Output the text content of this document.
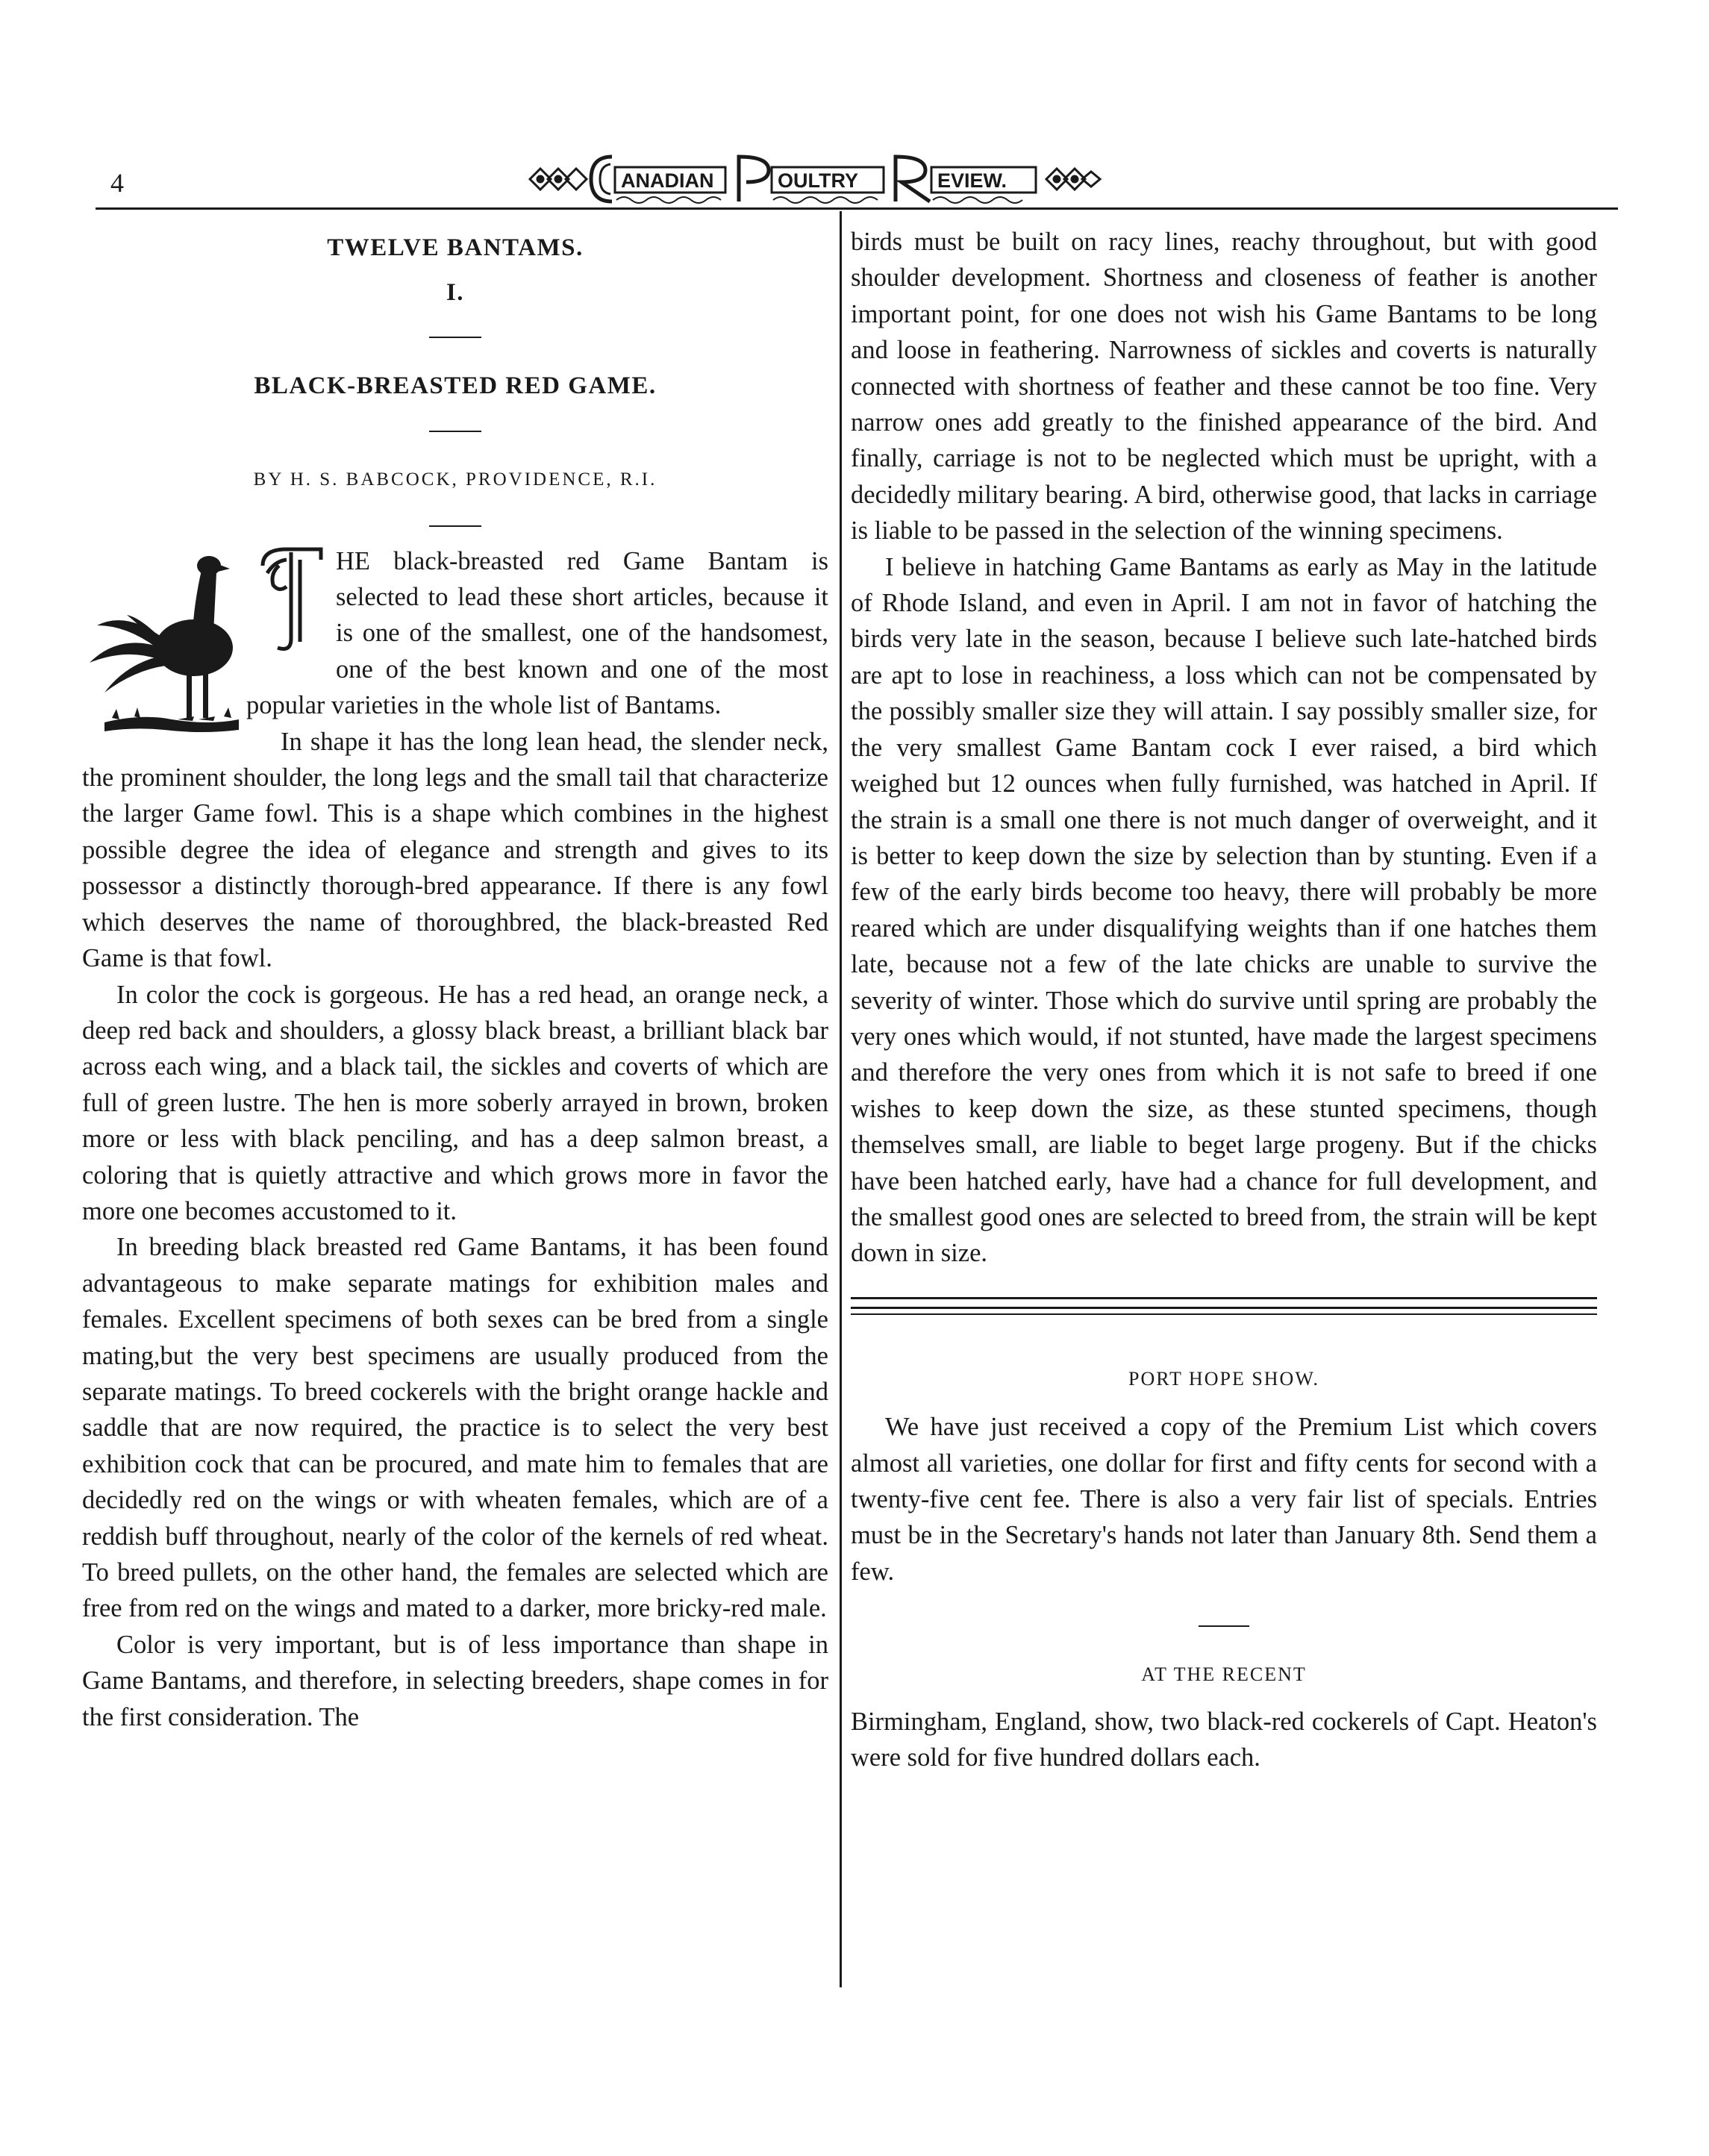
4	ANADIAN	OULTRY	EVIEW.
TWELVE BANTAMS.
I.
BLACK-BREASTED RED GAME.
BY H. S. BABCOCK, PROVIDENCE, R.I.

HE black-breasted red Game Bantam is selected to lead these short articles, because it is one of the smallest, one of the handsomest, one of the best known and one of the most popular varieties in the whole list of Bantams.

In shape it has the long lean head, the slender neck, the prominent shoulder, the long legs and the small tail that characterize the larger Game fowl. This is a shape which combines in the highest possible degree the idea of elegance and strength and gives to its possessor a distinctly thorough-bred appearance. If there is any fowl which deserves the name of thoroughbred, the black-breasted Red Game is that fowl.

In color the cock is gorgeous. He has a red head, an orange neck, a deep red back and shoulders, a glossy black breast, a brilliant black bar across each wing, and a black tail, the sickles and coverts of which are full of green lustre. The hen is more soberly arrayed in brown, broken more or less with black penciling, and has a deep salmon breast, a coloring that is quietly attractive and which grows more in favor the more one becomes accustomed to it.

In breeding black breasted red Game Bantams, it has been found advantageous to make separate matings for exhibition males and females. Excellent specimens of both sexes can be bred from a single mating,but the very best specimens are usually produced from the separate matings. To breed cockerels with the bright orange hackle and saddle that are now required, the practice is to select the very best exhibition cock that can be procured, and mate him to females that are decidedly red on the wings or with wheaten females, which are of a reddish buff throughout, nearly of the color of the kernels of red wheat. To breed pullets, on the other hand, the females are selected which are free from red on the wings and mated to a darker, more bricky-red male.

Color is very important, but is of less importance than shape in Game Bantams, and therefore, in selecting breeders, shape comes in for the first consideration. The

birds must be built on racy lines, reachy throughout, but with good shoulder development. Shortness and closeness of feather is another important point, for one does not wish his Game Bantams to be long and loose in feathering. Narrowness of sickles and coverts is naturally connected with shortness of feather and these cannot be too fine. Very narrow ones add greatly to the finished appearance of the bird. And finally, carriage is not to be neglected which must be upright, with a decidedly military bearing. A bird, otherwise good, that lacks in carriage is liable to be passed in the selection of the winning specimens.

I believe in hatching Game Bantams as early as May in the latitude of Rhode Island, and even in April. I am not in favor of hatching the birds very late in the season, because I believe such late-hatched birds are apt to lose in reachiness, a loss which can not be compensated by the possibly smaller size they will attain. I say possibly smaller size, for the very smallest Game Bantam cock I ever raised, a bird which weighed but 12 ounces when fully furnished, was hatched in April. If the strain is a small one there is not much danger of overweight, and it is better to keep down the size by selection than by stunting. Even if a few of the early birds become too heavy, there will probably be more reared which are under disqualifying weights than if one hatches them late, because not a few of the late chicks are unable to survive the severity of winter. Those which do survive until spring are probably the very ones which would, if not stunted, have made the largest specimens and therefore the very ones from which it is not safe to breed if one wishes to keep down the size, as these stunted specimens, though themselves small, are liable to beget large progeny. But if the chicks have been hatched early, have had a chance for full development, and the smallest good ones are selected to breed from, the strain will be kept down in size.

PORT HOPE SHOW.

We have just received a copy of the Premium List which covers almost all varieties, one dollar for first and fifty cents for second with a twenty-five cent fee. There is also a very fair list of specials. Entries must be in the Secretary's hands not later than January 8th. Send them a few.

AT THE RECENT

Birmingham, England, show, two black-red cockerels of Capt. Heaton's were sold for five hundred dollars each.
